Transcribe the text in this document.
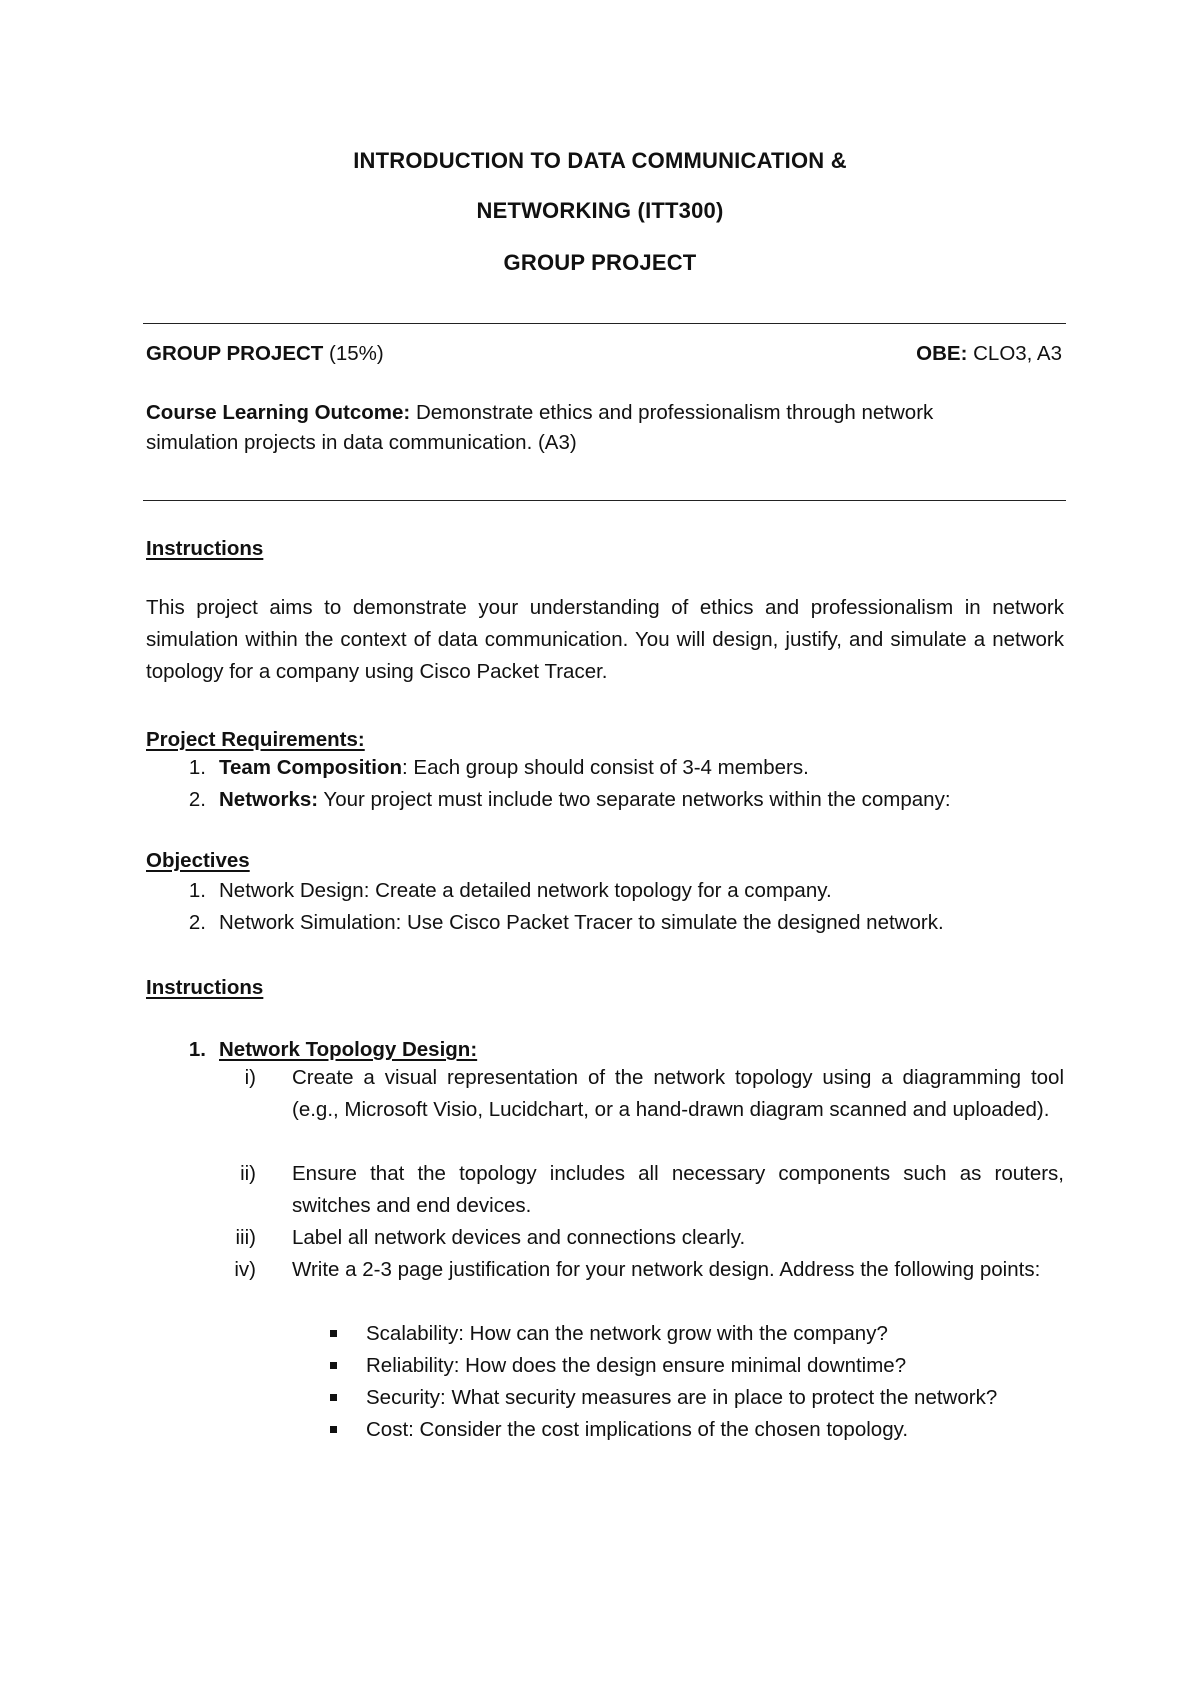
INTRODUCTION TO DATA COMMUNICATION &
NETWORKING (ITT300)
GROUP PROJECT
GROUP PROJECT (15%)	OBE: CLO3, A3
Course Learning Outcome: Demonstrate ethics and professionalism through network
simulation projects in data communication. (A3)
Instructions
This project aims to demonstrate your understanding of ethics and professionalism in network simulation within the context of data communication. You will design, justify, and simulate a network topology for a company using Cisco Packet Tracer.
Project Requirements:
1. Team Composition: Each group should consist of 3-4 members.
2. Networks: Your project must include two separate networks within the company:
Objectives
1. Network Design: Create a detailed network topology for a company.
2. Network Simulation: Use Cisco Packet Tracer to simulate the designed network.
Instructions
1. Network Topology Design:
i) Create a visual representation of the network topology using a diagramming tool (e.g., Microsoft Visio, Lucidchart, or a hand-drawn diagram scanned and uploaded).
ii) Ensure that the topology includes all necessary components such as routers, switches and end devices.
iii) Label all network devices and connections clearly.
iv) Write a 2-3 page justification for your network design. Address the following points:
Scalability: How can the network grow with the company?
Reliability: How does the design ensure minimal downtime?
Security: What security measures are in place to protect the network?
Cost: Consider the cost implications of the chosen topology.
